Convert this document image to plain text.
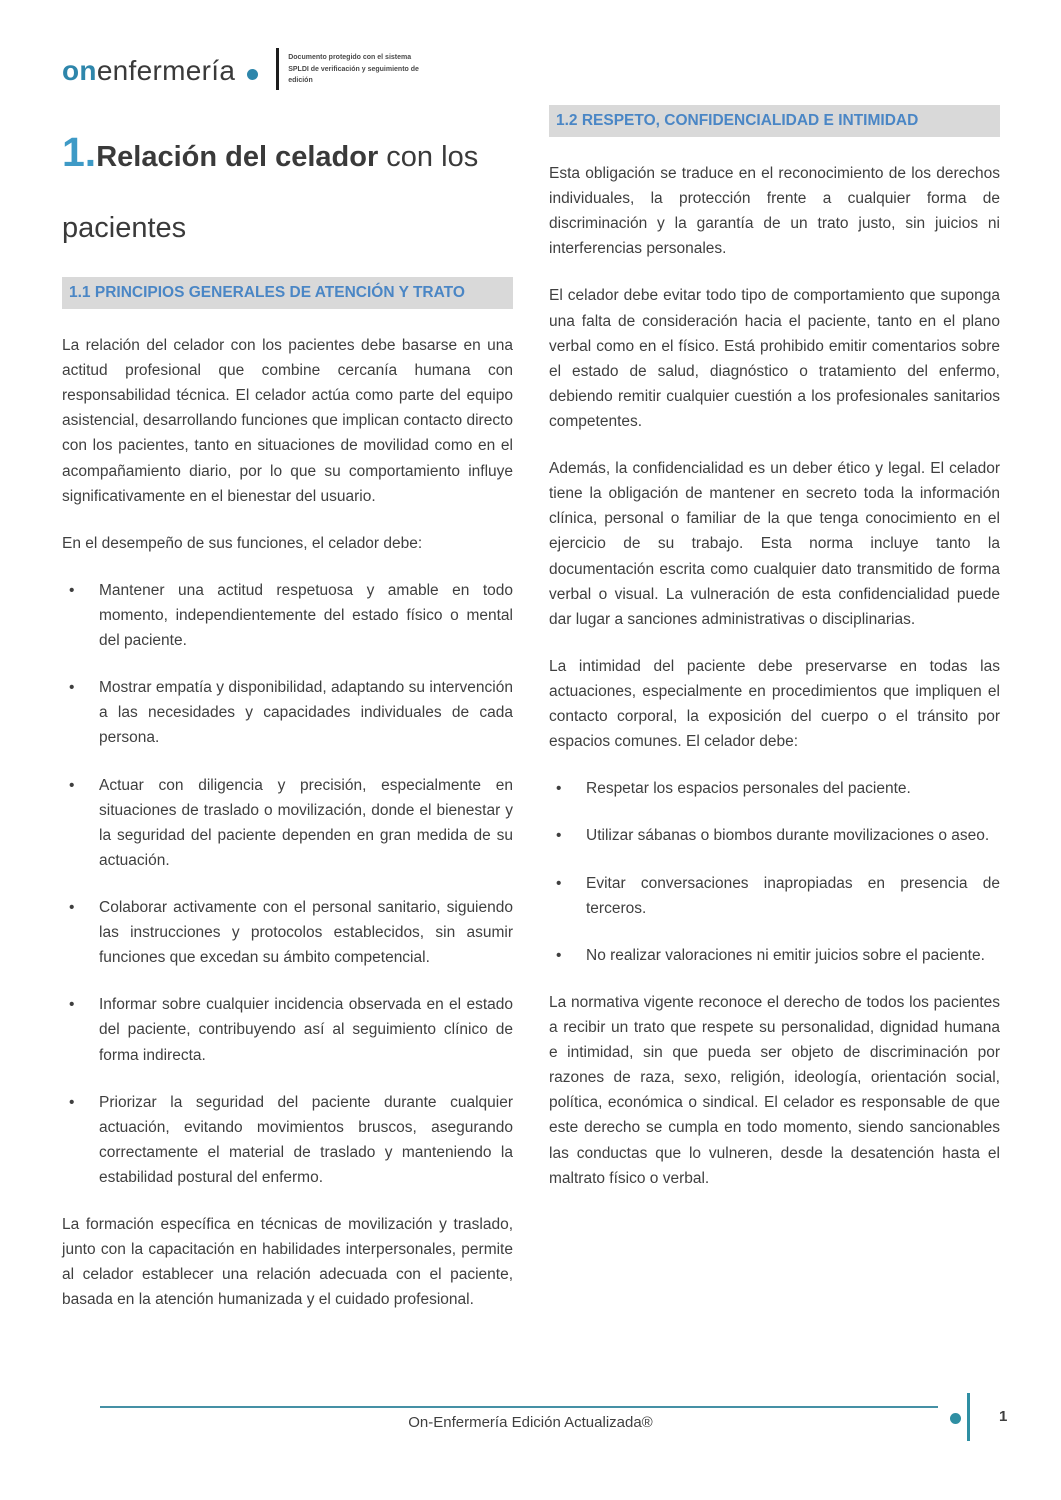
onenfermería	Documento protegido con el sistema
SPLDI de verificación y seguimiento de
edición
1.Relación del celador con los pacientes
1.1 PRINCIPIOS GENERALES DE ATENCIÓN Y TRATO

La relación del celador con los pacientes debe basarse en una actitud profesional que combine cercanía humana con responsabilidad técnica. El celador actúa como parte del equipo asistencial, desarrollando funciones que implican contacto directo con los pacientes, tanto en situaciones de movilidad como en el acompañamiento diario, por lo que su comportamiento influye significativamente en el bienestar del usuario.

En el desempeño de sus funciones, el celador debe:

• Mantener una actitud respetuosa y amable en todo momento, independientemente del estado físico o mental del paciente.
• Mostrar empatía y disponibilidad, adaptando su intervención a las necesidades y capacidades individuales de cada persona.
• Actuar con diligencia y precisión, especialmente en situaciones de traslado o movilización, donde el bienestar y la seguridad del paciente dependen en gran medida de su actuación.
• Colaborar activamente con el personal sanitario, siguiendo las instrucciones y protocolos establecidos, sin asumir funciones que excedan su ámbito competencial.
• Informar sobre cualquier incidencia observada en el estado del paciente, contribuyendo así al seguimiento clínico de forma indirecta.
• Priorizar la seguridad del paciente durante cualquier actuación, evitando movimientos bruscos, asegurando correctamente el material de traslado y manteniendo la estabilidad postural del enfermo.

La formación específica en técnicas de movilización y traslado, junto con la capacitación en habilidades interpersonales, permite al celador establecer una relación adecuada con el paciente, basada en la atención humanizada y el cuidado profesional.

1.2 RESPETO, CONFIDENCIALIDAD E INTIMIDAD

Esta obligación se traduce en el reconocimiento de los derechos individuales, la protección frente a cualquier forma de discriminación y la garantía de un trato justo, sin juicios ni interferencias personales.

El celador debe evitar todo tipo de comportamiento que suponga una falta de consideración hacia el paciente, tanto en el plano verbal como en el físico. Está prohibido emitir comentarios sobre el estado de salud, diagnóstico o tratamiento del enfermo, debiendo remitir cualquier cuestión a los profesionales sanitarios competentes.

Además, la confidencialidad es un deber ético y legal. El celador tiene la obligación de mantener en secreto toda la información clínica, personal o familiar de la que tenga conocimiento en el ejercicio de su trabajo. Esta norma incluye tanto la documentación escrita como cualquier dato transmitido de forma verbal o visual. La vulneración de esta confidencialidad puede dar lugar a sanciones administrativas o disciplinarias.

La intimidad del paciente debe preservarse en todas las actuaciones, especialmente en procedimientos que impliquen el contacto corporal, la exposición del cuerpo o el tránsito por espacios comunes. El celador debe:

• Respetar los espacios personales del paciente.
• Utilizar sábanas o biombos durante movilizaciones o aseo.
• Evitar conversaciones inapropiadas en presencia de terceros.
• No realizar valoraciones ni emitir juicios sobre el paciente.

La normativa vigente reconoce el derecho de todos los pacientes a recibir un trato que respete su personalidad, dignidad humana e intimidad, sin que pueda ser objeto de discriminación por razones de raza, sexo, religión, ideología, orientación social, política, económica o sindical. El celador es responsable de que este derecho se cumpla en todo momento, siendo sancionables las conductas que lo vulneren, desde la desatención hasta el maltrato físico o verbal.

On-Enfermería Edición Actualizada®	1
